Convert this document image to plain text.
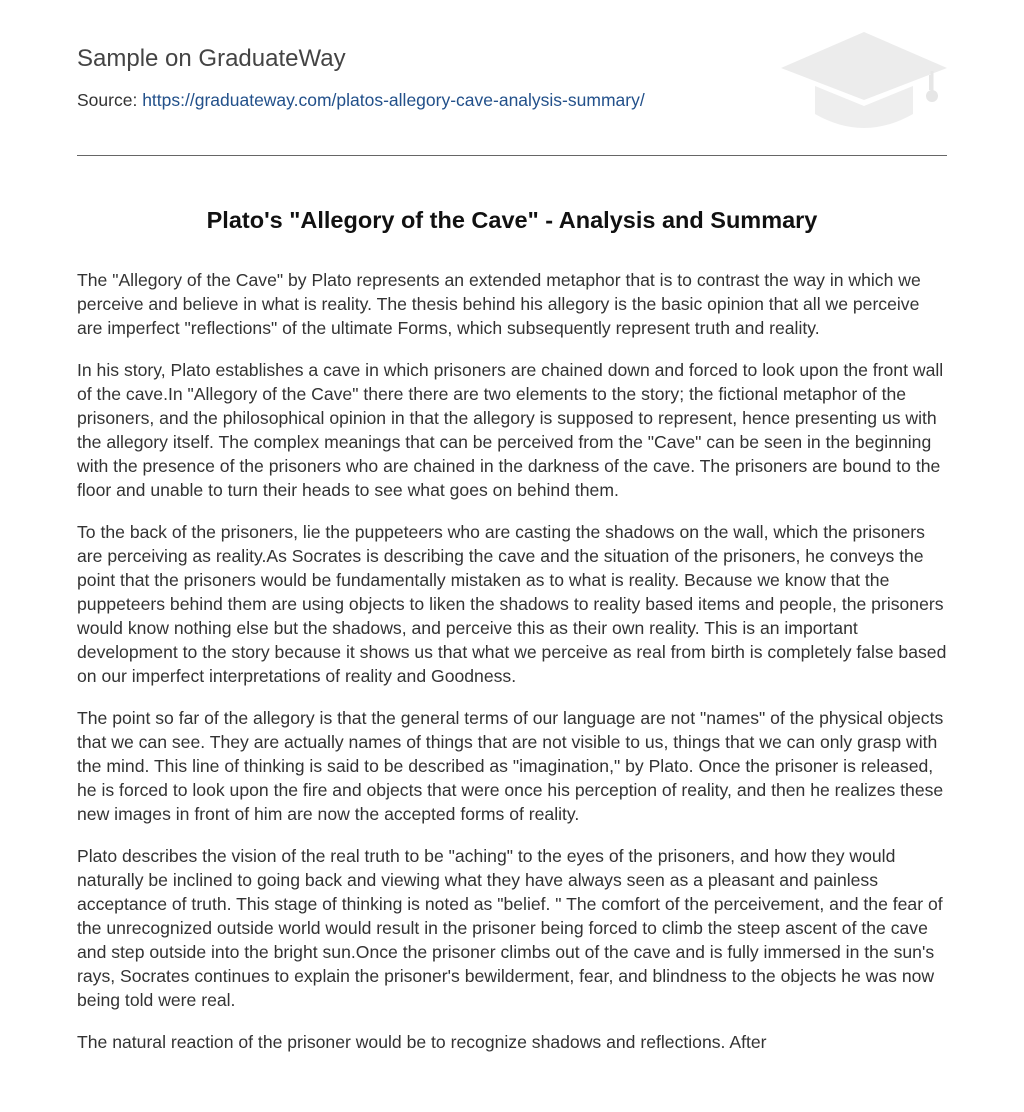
Sample on GraduateWay
Source: https://graduateway.com/platos-allegory-cave-analysis-summary/
Plato's "Allegory of the Cave" - Analysis and Summary

The "Allegory of the Cave" by Plato represents an extended metaphor that is to contrast the way in which we perceive and believe in what is reality. The thesis behind his allegory is the basic opinion that all we perceive are imperfect "reflections" of the ultimate Forms, which subsequently represent truth and reality.

In his story, Plato establishes a cave in which prisoners are chained down and forced to look upon the front wall of the cave.In "Allegory of the Cave" there there are two elements to the story; the fictional metaphor of the prisoners, and the philosophical opinion in that the allegory is supposed to represent, hence presenting us with the allegory itself. The complex meanings that can be perceived from the "Cave" can be seen in the beginning with the presence of the prisoners who are chained in the darkness of the cave. The prisoners are bound to the floor and unable to turn their heads to see what goes on behind them.

To the back of the prisoners, lie the puppeteers who are casting the shadows on the wall, which the prisoners are perceiving as reality.As Socrates is describing the cave and the situation of the prisoners, he conveys the point that the prisoners would be fundamentally mistaken as to what is reality. Because we know that the puppeteers behind them are using objects to liken the shadows to reality based items and people, the prisoners would know nothing else but the shadows, and perceive this as their own reality. This is an important development to the story because it shows us that what we perceive as real from birth is completely false based on our imperfect interpretations of reality and Goodness.

The point so far of the allegory is that the general terms of our language are not "names" of the physical objects that we can see. They are actually names of things that are not visible to us, things that we can only grasp with the mind. This line of thinking is said to be described as "imagination," by Plato. Once the prisoner is released, he is forced to look upon the fire and objects that were once his perception of reality, and then he realizes these new images in front of him are now the accepted forms of reality.

Plato describes the vision of the real truth to be "aching" to the eyes of the prisoners, and how they would naturally be inclined to going back and viewing what they have always seen as a pleasant and painless acceptance of truth. This stage of thinking is noted as "belief. " The comfort of the perceivement, and the fear of the unrecognized outside world would result in the prisoner being forced to climb the steep ascent of the cave and step outside into the bright sun.Once the prisoner climbs out of the cave and is fully immersed in the sun's rays, Socrates continues to explain the prisoner's bewilderment, fear, and blindness to the objects he was now being told were real.

The natural reaction of the prisoner would be to recognize shadows and reflections. After
